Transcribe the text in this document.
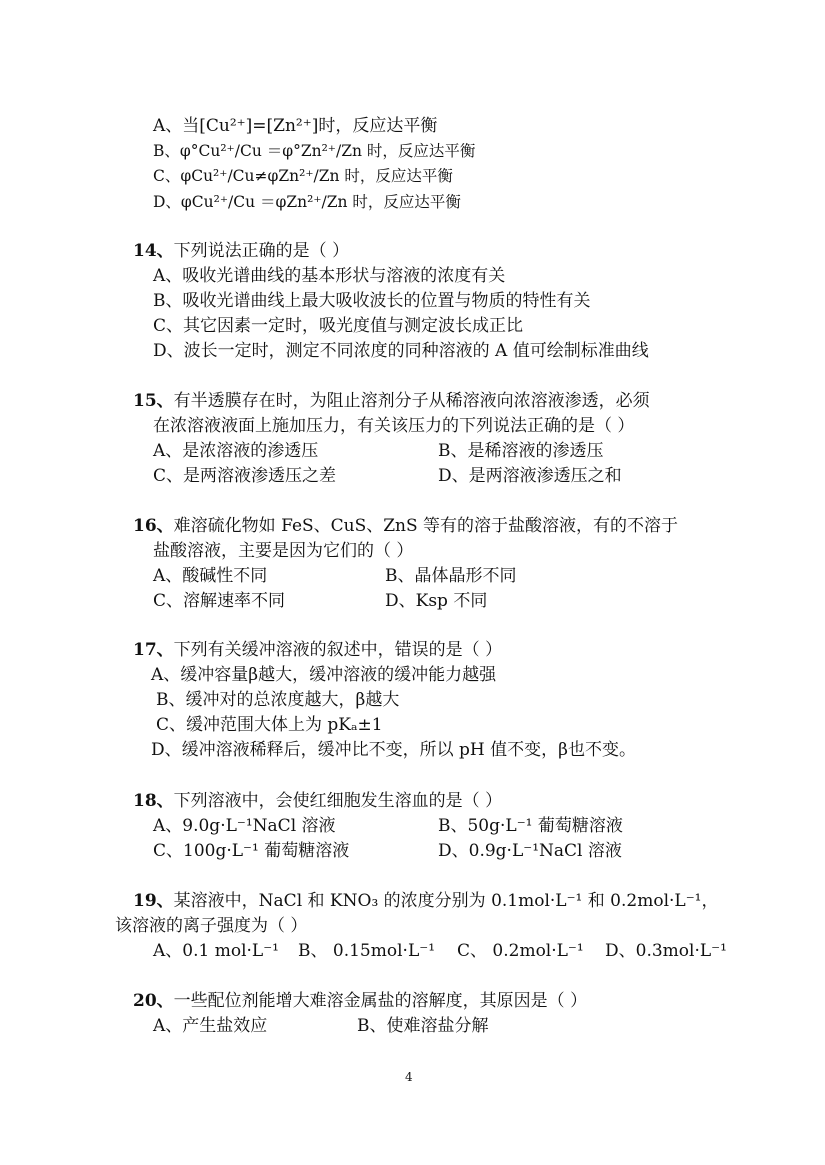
A、当[Cu²⁺]=[Zn²⁺]时，反应达平衡
B、φ°Cu²⁺/Cu ＝φ°Zn²⁺/Zn 时，反应达平衡
C、φCu²⁺/Cu≠φZn²⁺/Zn 时，反应达平衡
D、φCu²⁺/Cu ＝φZn²⁺/Zn 时，反应达平衡
14、下列说法正确的是（ ）
A、吸收光谱曲线的基本形状与溶液的浓度有关
B、吸收光谱曲线上最大吸收波长的位置与物质的特性有关
C、其它因素一定时，吸光度值与测定波长成正比
D、波长一定时，测定不同浓度的同种溶液的 A 值可绘制标准曲线
15、有半透膜存在时，为阻止溶剂分子从稀溶液向浓溶液渗透，必须
在浓溶液液面上施加压力，有关该压力的下列说法正确的是（ ）
A、是浓溶液的渗透压	B、是稀溶液的渗透压
C、是两溶液渗透压之差	D、是两溶液渗透压之和
16、难溶硫化物如 FeS、CuS、ZnS 等有的溶于盐酸溶液，有的不溶于
盐酸溶液，主要是因为它们的（ ）
A、酸碱性不同	B、晶体晶形不同
C、溶解速率不同	D、Ksp 不同
17、下列有关缓冲溶液的叙述中，错误的是（ ）
A、缓冲容量β越大，缓冲溶液的缓冲能力越强
B、缓冲对的总浓度越大，β越大
C、缓冲范围大体上为 pKₐ±1
D、缓冲溶液稀释后，缓冲比不变，所以 pH 值不变，β也不变。
18、下列溶液中，会使红细胞发生溶血的是（ ）
A、9.0g·L⁻¹NaCl 溶液	B、50g·L⁻¹ 葡萄糖溶液
C、100g·L⁻¹ 葡萄糖溶液	D、0.9g·L⁻¹NaCl 溶液
19、某溶液中，NaCl 和 KNO₃ 的浓度分别为 0.1mol·L⁻¹ 和 0.2mol·L⁻¹，
该溶液的离子强度为（ ）
A、0.1 mol·L⁻¹ B、 0.15mol·L⁻¹ C、 0.2mol·L⁻¹ D、0.3mol·L⁻¹
20、一些配位剂能增大难溶金属盐的溶解度，其原因是（ ）
A、产生盐效应	B、使难溶盐分解
4
